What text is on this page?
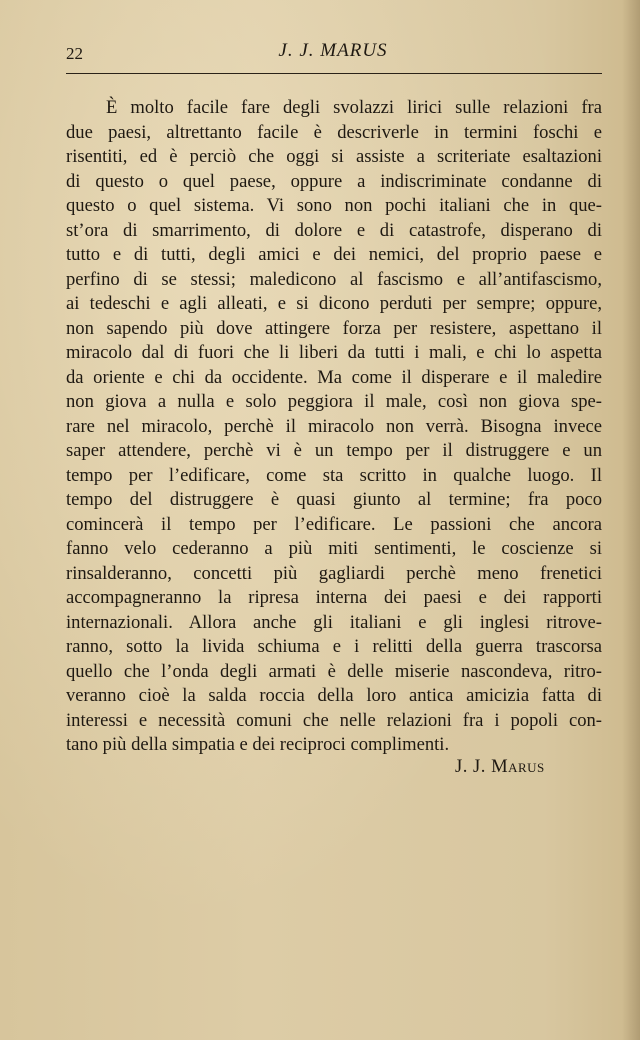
22	J. J. MARUS
È molto facile fare degli svolazzi lirici sulle relazioni fra
due paesi, altrettanto facile è descriverle in termini foschi e
risentiti, ed è perciò che oggi si assiste a scriteriate esaltazioni
di questo o quel paese, oppure a indiscriminate condanne di
questo o quel sistema. Vi sono non pochi italiani che in que-
st’ora di smarrimento, di dolore e di catastrofe, disperano di
tutto e di tutti, degli amici e dei nemici, del proprio paese e
perfino di se stessi; maledicono al fascismo e all’antifascismo,
ai tedeschi e agli alleati, e si dicono perduti per sempre; oppure,
non sapendo più dove attingere forza per resistere, aspettano il
miracolo dal di fuori che li liberi da tutti i mali, e chi lo aspetta
da oriente e chi da occidente. Ma come il disperare e il maledire
non giova a nulla e solo peggiora il male, così non giova spe-
rare nel miracolo, perchè il miracolo non verrà. Bisogna invece
saper attendere, perchè vi è un tempo per il distruggere e un
tempo per l’edificare, come sta scritto in qualche luogo. Il
tempo del distruggere è quasi giunto al termine; fra poco
comincerà il tempo per l’edificare. Le passioni che ancora
fanno velo cederanno a più miti sentimenti, le coscienze si
rinsalderanno, concetti più gagliardi perchè meno frenetici
accompagneranno la ripresa interna dei paesi e dei rapporti
internazionali. Allora anche gli italiani e gli inglesi ritrove-
ranno, sotto la livida schiuma e i relitti della guerra trascorsa
quello che l’onda degli armati è delle miserie nascondeva, ritro-
veranno cioè la salda roccia della loro antica amicizia fatta di
interessi e necessità comuni che nelle relazioni fra i popoli con-
tano più della simpatia e dei reciproci complimenti.
J. J. Marus
